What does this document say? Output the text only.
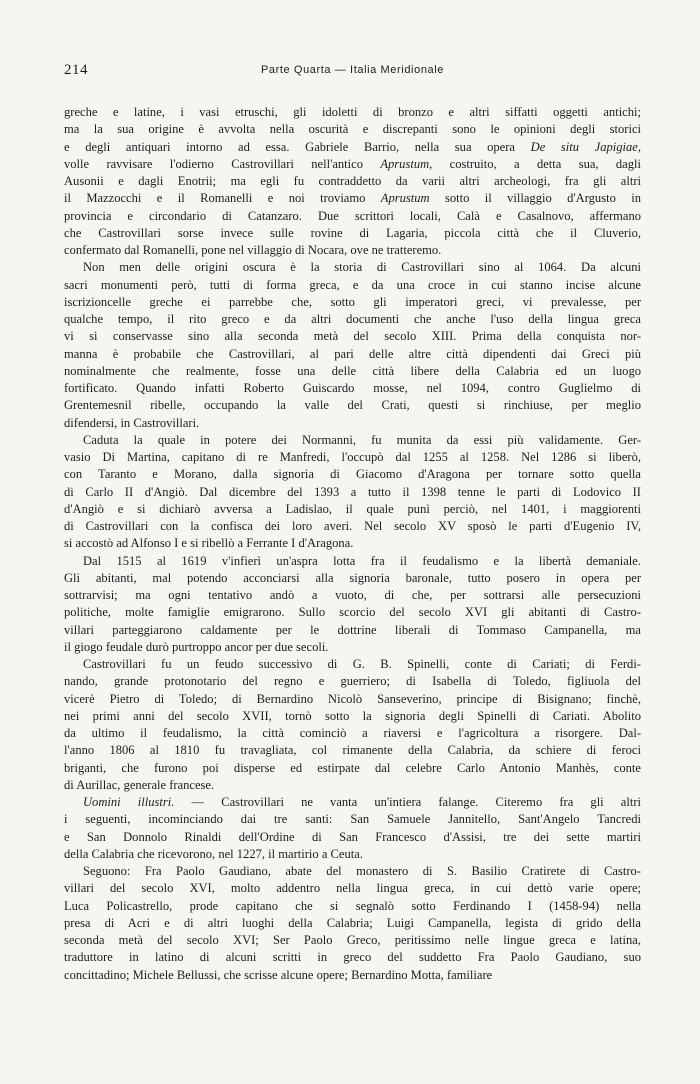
214	Parte Quarta — Italia Meridionale
greche e latine, i vasi etruschi, gli idoletti di bronzo e altri siffatti oggetti antichi;
ma la sua origine è avvolta nella oscurità e discrepanti sono le opinioni degli storici
e degli antiquari intorno ad essa. Gabriele Barrio, nella sua opera De situ Japigiae,
volle ravvisare l'odierno Castrovillari nell'antico Aprustum, costruito, a detta sua, dagli
Ausonii e dagli Enotrii; ma egli fu contraddetto da varii altri archeologi, fra gli altri
il Mazzocchi e il Romanelli e noi troviamo Aprustum sotto il villaggio d'Argusto in
provincia e circondario di Catanzaro. Due scrittori locali, Calà e Casalnovo, affermano
che Castrovillari sorse invece sulle rovine di Lagaria, piccola città che il Cluverio,
confermato dal Romanelli, pone nel villaggio di Nocara, ove ne tratteremo.
Non men delle origini oscura è la storia di Castrovillari sino al 1064. Da alcuni
sacri monumenti però, tutti di forma greca, e da una croce in cui stanno incise alcune
iscrizioncelle greche ei parrebbe che, sotto gli imperatori greci, vi prevalesse, per
qualche tempo, il rito greco e da altri documenti che anche l'uso della lingua greca
vi si conservasse sino alla seconda metà del secolo XIII. Prima della conquista nor-
manna è probabile che Castrovillari, al pari delle altre città dipendenti dai Greci più
nominalmente che realmente, fosse una delle città libere della Calabria ed un luogo
fortificato. Quando infatti Roberto Guiscardo mosse, nel 1094, contro Guglielmo di
Grentemesnil ribelle, occupando la valle del Crati, questi si rinchiuse, per meglio
difendersi, in Castrovillari.
Caduta la quale in potere dei Normanni, fu munita da essi più validamente. Ger-
vasio Di Martina, capitano di re Manfredi, l'occupò dal 1255 al 1258. Nel 1286 si liberò,
con Taranto e Morano, dalla signoria di Giacomo d'Aragona per tornare sotto quella
di Carlo II d'Angiò. Dal dicembre del 1393 a tutto il 1398 tenne le parti di Lodovico II
d'Angiò e si dichiarò avversa a Ladislao, il quale punì perciò, nel 1401, i maggiorenti
di Castrovillari con la confisca dei loro averi. Nel secolo XV sposò le parti d'Eugenio IV,
si accostò ad Alfonso I e si ribellò a Ferrante I d'Aragona.
Dal 1515 al 1619 v'infierì un'aspra lotta fra il feudalismo e la libertà demaniale.
Gli abitanti, mal potendo acconciarsi alla signoria baronale, tutto posero in opera per
sottrarvisi; ma ogni tentativo andò a vuoto, di che, per sottrarsi alle persecuzioni
politiche, molte famiglie emigrarono. Sullo scorcio del secolo XVI gli abitanti di Castro-
villari parteggiarono caldamente per le dottrine liberali di Tommaso Campanella, ma
il giogo feudale durò purtroppo ancor per due secoli.
Castrovillari fu un feudo successivo di G. B. Spinelli, conte di Cariati; di Ferdi-
nando, grande protonotario del regno e guerriero; di Isabella di Toledo, figliuola del
vicerè Pietro di Toledo; di Bernardino Nicolò Sanseverino, principe di Bisignano; finchè,
nei primi anni del secolo XVII, tornò sotto la signoria degli Spinelli di Cariati. Abolito
da ultimo il feudalismo, la città cominciò a riaversi e l'agricoltura a risorgere. Dal-
l'anno 1806 al 1810 fu travagliata, col rimanente della Calabria, da schiere di feroci
briganti, che furono poi disperse ed estirpate dal celebre Carlo Antonio Manhès, conte
di Aurillac, generale francese.
Uomini illustri. — Castrovillari ne vanta un'intiera falange. Citeremo fra gli altri
i seguenti, incominciando dai tre santi: San Samuele Jannitello, Sant'Angelo Tancredi
e San Donnolo Rinaldi dell'Ordine di San Francesco d'Assisi, tre dei sette martiri
della Calabria che ricevorono, nel 1227, il martirio a Ceuta.
Seguono: Fra Paolo Gaudiano, abate del monastero di S. Basilio Cratirete di Castro-
villari del secolo XVI, molto addentro nella lingua greca, in cui dettò varie opere;
Luca Policastrello, prode capitano che si segnalò sotto Ferdinando I (1458-94) nella
presa di Acri e di altri luoghi della Calabria; Luigi Campanella, legista di grido della
seconda metà del secolo XVI; Ser Paolo Greco, peritissimo nelle lingue greca e latina,
traduttore in latino di alcuni scritti in greco del suddetto Fra Paolo Gaudiano, suo
concittadino; Michele Bellussi, che scrisse alcune opere; Bernardino Motta, familiare
